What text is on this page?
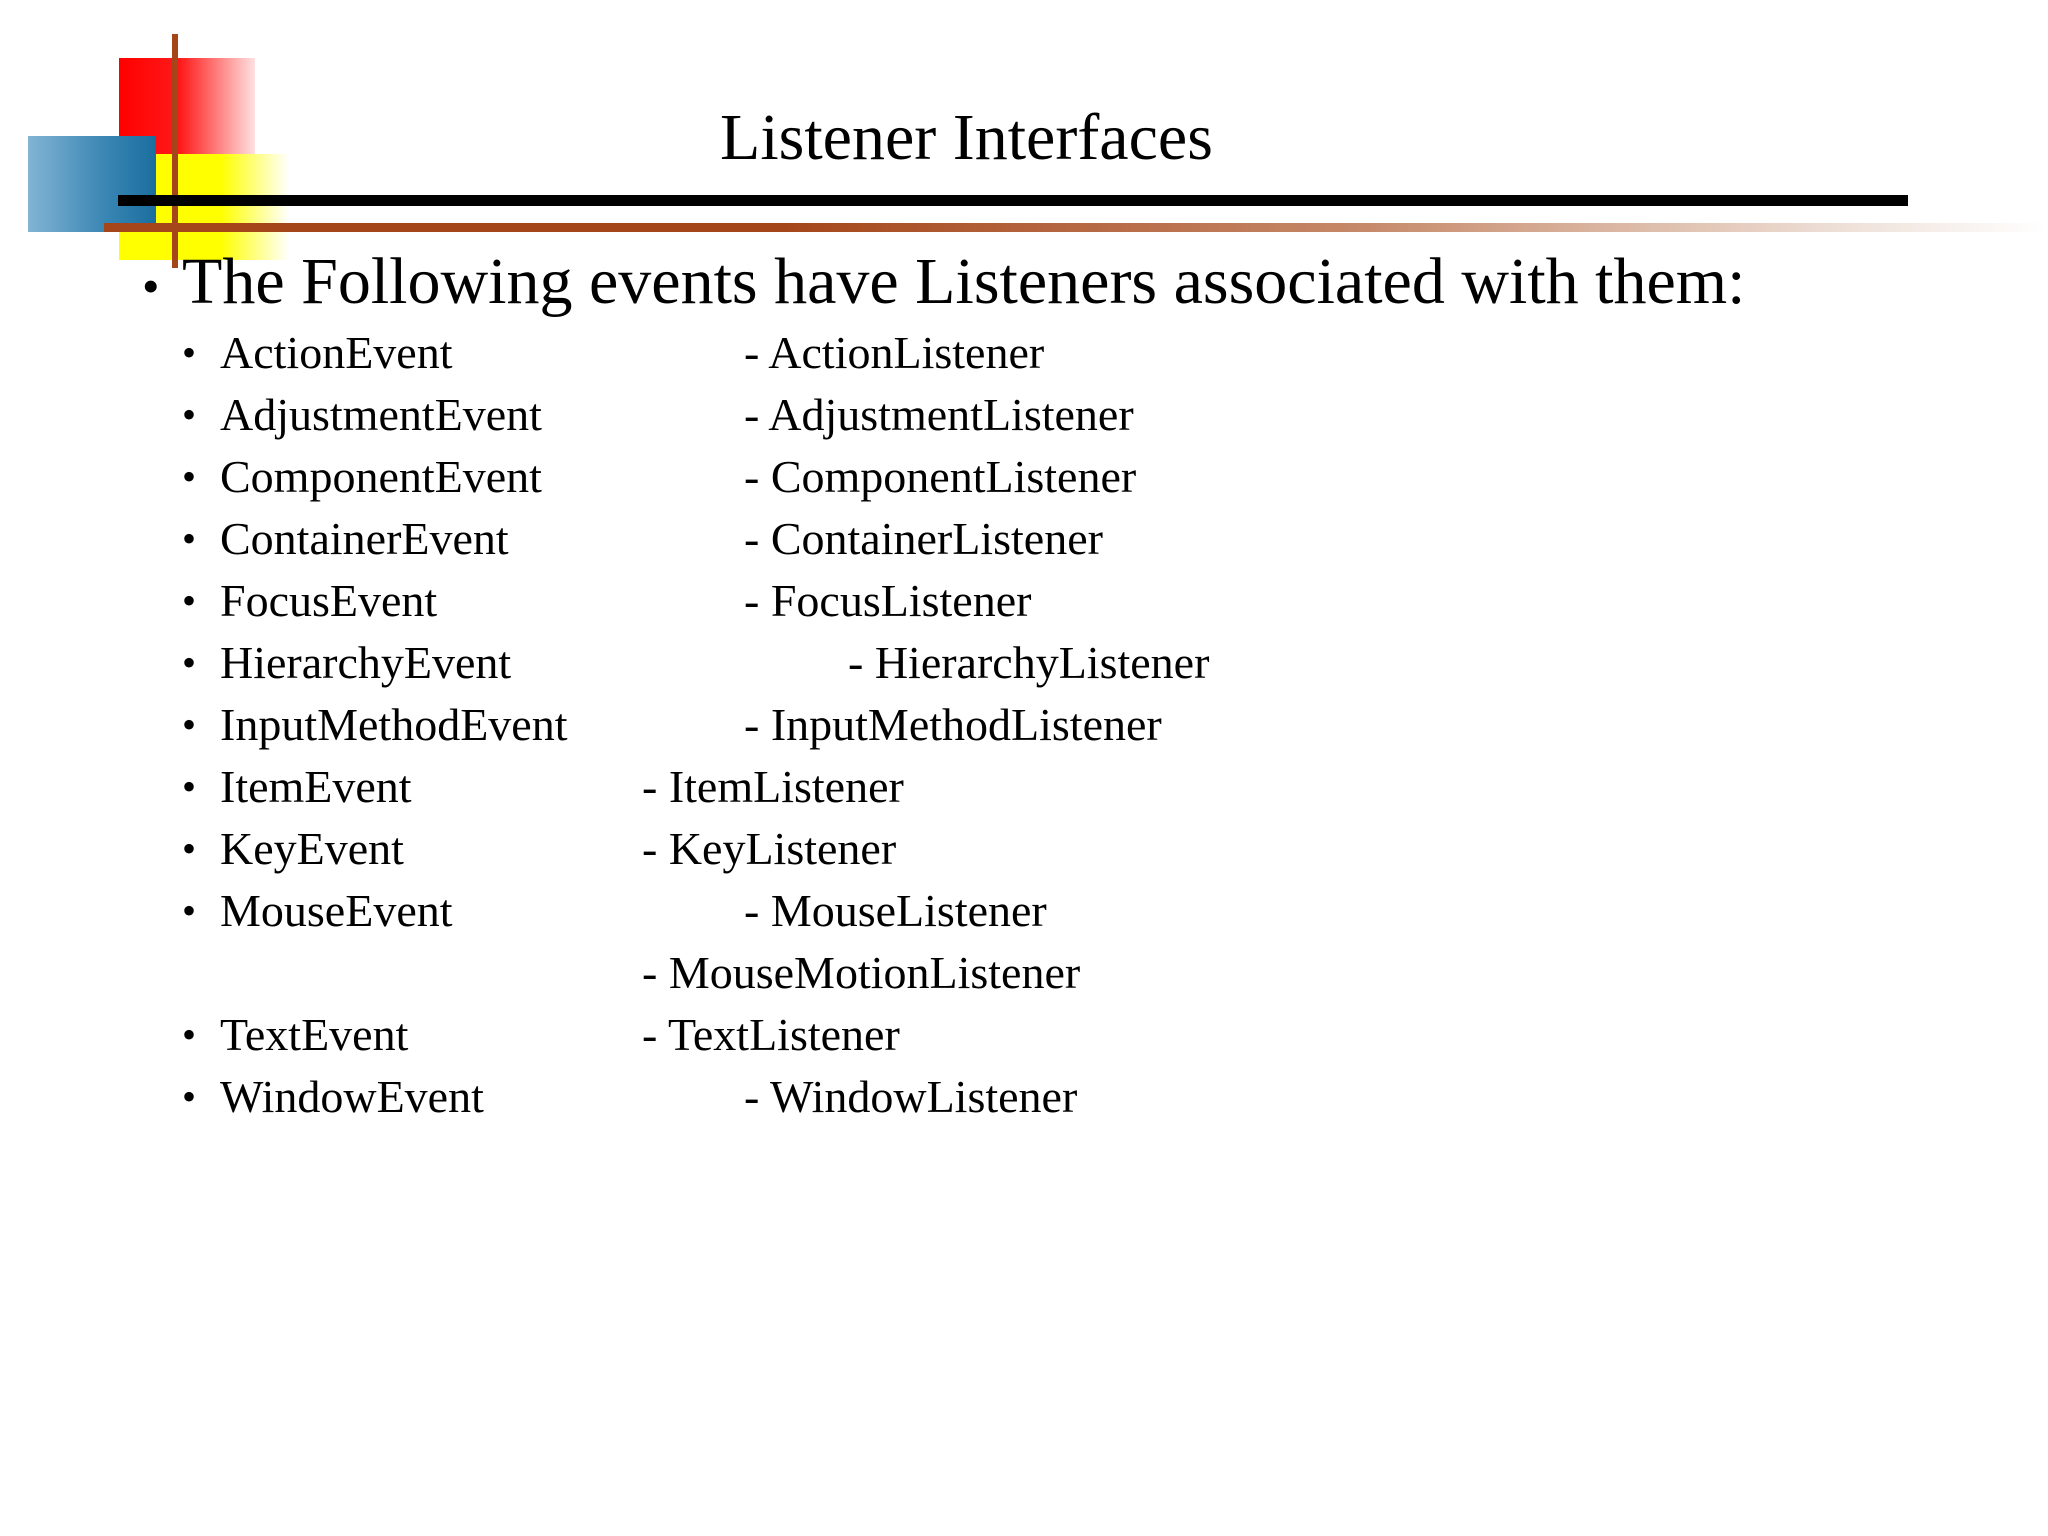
Listener Interfaces
• The Following events have Listeners associated with them:
• ActionEvent	- ActionListener
• AdjustmentEvent	- AdjustmentListener
• ComponentEvent	- ComponentListener
• ContainerEvent	- ContainerListener
• FocusEvent	- FocusListener
• HierarchyEvent	- HierarchyListener
• InputMethodEvent	- InputMethodListener
• ItemEvent	- ItemListener
• KeyEvent	- KeyListener
• MouseEvent	- MouseListener
- MouseMotionListener
• TextEvent	- TextListener
• WindowEvent	- WindowListener
